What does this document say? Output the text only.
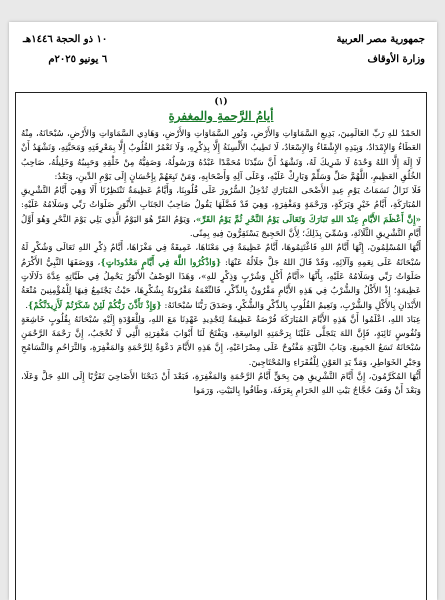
جمهورية مصر العربية
وزارة الأوقاف
١٠ ذو الحجة ١٤٤٦هـ
٦ يونيو ٢٠٢٥م
(١)
أيامُ الرَّحمةِ والمغفرةِ

الحَمْدُ للهِ رَبِّ العَالَمِينَ، بَدِيعِ السَّمَاوَاتِ وَالأَرْضِ، وَنُورِ السَّمَاوَاتِ وَالأَرْضِ، وَهَادِي السَّمَاوَاتِ وَالأَرْضِ، سُبْحَانَهُ، مِنْهُ العَطَاءُ وَالإِمْدَادُ، وَبِيَدِهِ الإِشْقَاءُ وَالإِسْعَادُ، لَا تَطِيبُ الأَلْسِنَةُ إِلَّا بِذِكْرِهِ، وَلَا تَعْمُرُ القُلُوبُ إِلَّا بِمَعْرِفَتِهِ وَمَحَبَّتِهِ، وَنَشْهَدُ أَنْ لَا إِلَهَ إِلَّا اللهُ وَحْدَهُ لَا شَرِيكَ لَهُ، وَنَشْهَدُ أَنَّ سَيِّدَنَا مُحَمَّدًا عَبْدُهُ وَرَسُولُهُ، وَصَفِيُّهُ مِنْ خَلْقِهِ وَحَبِيبُهُ وَخَلِيلُهُ، صَاحِبُ الخُلُقِ العَظِيمِ، اللَّهُمَّ صَلِّ وَسَلِّمْ وَبَارِكْ عَلَيْهِ، وَعَلَى آلِهِ وَأَصْحَابِهِ، وَمَنْ تَبِعَهُمْ بِإِحْسَانٍ إِلَى يَوْمِ الدِّينِ، وَبَعْدُ:

فَلَا تَزَالُ نَسَمَاتُ يَوْمِ عِيدِ الأَضْحَى المُبَارَكِ تُدْخِلُ السُّرُورَ عَلَى قُلُوبِنَا، وَأَيَّامٌ عَظِيمَةٌ تَنْتَظِرُنَا أَلَا وَهِيَ أَيَّامُ التَّشْرِيقِ المُبَارَكَةِ، أَيَّامُ خَيْرٍ وَبَرَكَةٍ، وَرَحْمَةٍ وَمَغْفِرَةٍ، وَهِيَ قَدْ فَضَّلَهَا يَقُولُ صَاحِبُ الجَنَابِ الأَنْوَرِ صَلَوَاتُ رَبِّي وَسَلَامُهُ عَلَيْهِ: «إِنَّ أَعْظَمَ الأَيَّامِ عِنْدَ اللهِ تَبَارَكَ وَتَعَالَى يَوْمُ النَّحْرِ ثُمَّ يَوْمُ القَرِّ»، وَيَوْمُ القَرِّ هُوَ اليَوْمُ الَّذِي يَلِي يَوْمَ النَّحْرِ وَهُوَ أَوَّلُ أَيَّامِ التَّشْرِيقِ الثَّلَاثَةِ، وَسُمِّيَ بِذَلِكَ؛ لِأَنَّ الحَجِيجَ يَسْتَقِرُّونَ فِيهِ بِمِنًى.

أَيُّهَا المُسْلِمُونَ، إِنَّهَا أَيَّامٌ اللهِ فَاغْتَنِمُوهَا، أَيَّامٌ عَظِيمَةٌ فِي مَعْنَاهَا، عَمِيقَةٌ فِي مَغْزَاهَا، أَيَّامُ ذِكْرِ اللهِ تَعَالَى وَشُكْرِ لَهُ سُبْحَانَهُ عَلَى نِعَمِهِ وَآلَائِهِ، وَقَدْ قَالَ اللهُ جَلَّ جَلَالُهُ عَنْهَا: {وَاذْكُرُوا اللَّهَ فِي أَيَّامٍ مَعْدُودَاتٍ}، وَوَصَفَهَا النَّبِيُّ الأَكْرَمُ صَلَوَاتُ رَبِّي وَسَلَامُهُ عَلَيْهِ، بِأَنَّهَا «أَيَّامُ أَكْلٍ وَشُرْبٍ وَذِكْرٍ للهِ»، وَهَذَا الوَصْفُ الأَنْوَرُ يَحْمِلُ فِي طَيَّاتِهِ عِدَّةَ دَلَالَاتٍ عَظِيمَةٍ؛ إِذْ الأَكْلُ وَالشُّرْبُ فِي هَذِهِ الأَيَّامِ مَقْرُونٌ بِالذِّكْرِ، فَالنِّعْمَةُ مَقْرُونَةٌ بِشُكْرِهَا، حَيْثُ يَجْتَمِعُ فِيهَا لِلْمُؤْمِنِينَ مُتْعَةُ الأَبْدَانِ بِالأَكْلِ وَالشُّرْبِ، وَنَعِيمُ القُلُوبِ بِالذِّكْرِ وَالشُّكْرِ، وَصَدَقَ رَبُّنَا سُبْحَانَهُ: {وَإِذْ تَأَذَّنَ رَبُّكُمْ لَئِنْ شَكَرْتُمْ لَأَزِيدَنَّكُمْ}.

عِبَادَ اللهِ، اعْلَمُوا أَنَّ هَذِهِ الأَيَّامَ المُبَارَكَةَ فُرْصَةٌ عَظِيمَةٌ لِتَجْدِيدِ عَهْدِنَا مَعَ اللهِ، وَلِلْعَوْدَةِ إِلَيْهِ سُبْحَانَهُ بِقُلُوبٍ خَاشِعَةٍ وَنُفُوسٍ تَائِبَةٍ، فَإِنَّ اللهَ يَتَجَلَّى عَلَيْنَا بِرَحْمَتِهِ الوَاسِعَةِ، وَيَفْتَحُ لَنَا أَبْوَابَ مَغْفِرَتِهِ الَّتِي لَا تُحْجَبُ، إِنَّ رَحْمَةَ الرَّحْمَنِ سُبْحَانَهُ تَسَعُ الجَمِيعَ، وَبَابُ التَّوْبَةِ مَفْتُوحٌ عَلَى مِصْرَاعَيْهِ، إِنَّ هَذِهِ الأَيَّامَ دَعْوَةٌ لِلرَّحْمَةِ وَالمَغْفِرَةِ، وَالتَّرَاحُمِ وَالتَّسَامُحِ وَجَبْرِ الخَوَاطِرِ، وَمَدِّ يَدِ العَوْنِ لِلْفُقَرَاءِ وَالمُحْتَاجِينَ.

أَيُّهَا المُكَرَّمُونَ، إِنَّ أَيَّامَ التَّشْرِيقِ هِيَ بِحَقٍّ أَيَّامُ الرَّحْمَةِ وَالمَغْفِرَةِ، فَبَعْدَ أَنْ ذَبَحْنَا الأَضَاحِيَ تَقَرُّبًا إِلَى اللهِ جَلَّ وَعَلَا، وَبَعْدَ أَنْ وَقَفَ حُجَّاجُ بَيْتِ اللهِ الحَرَامِ بِعَرَفَةَ، وَطَافُوا بِالبَيْتِ، وَرَمَوا
